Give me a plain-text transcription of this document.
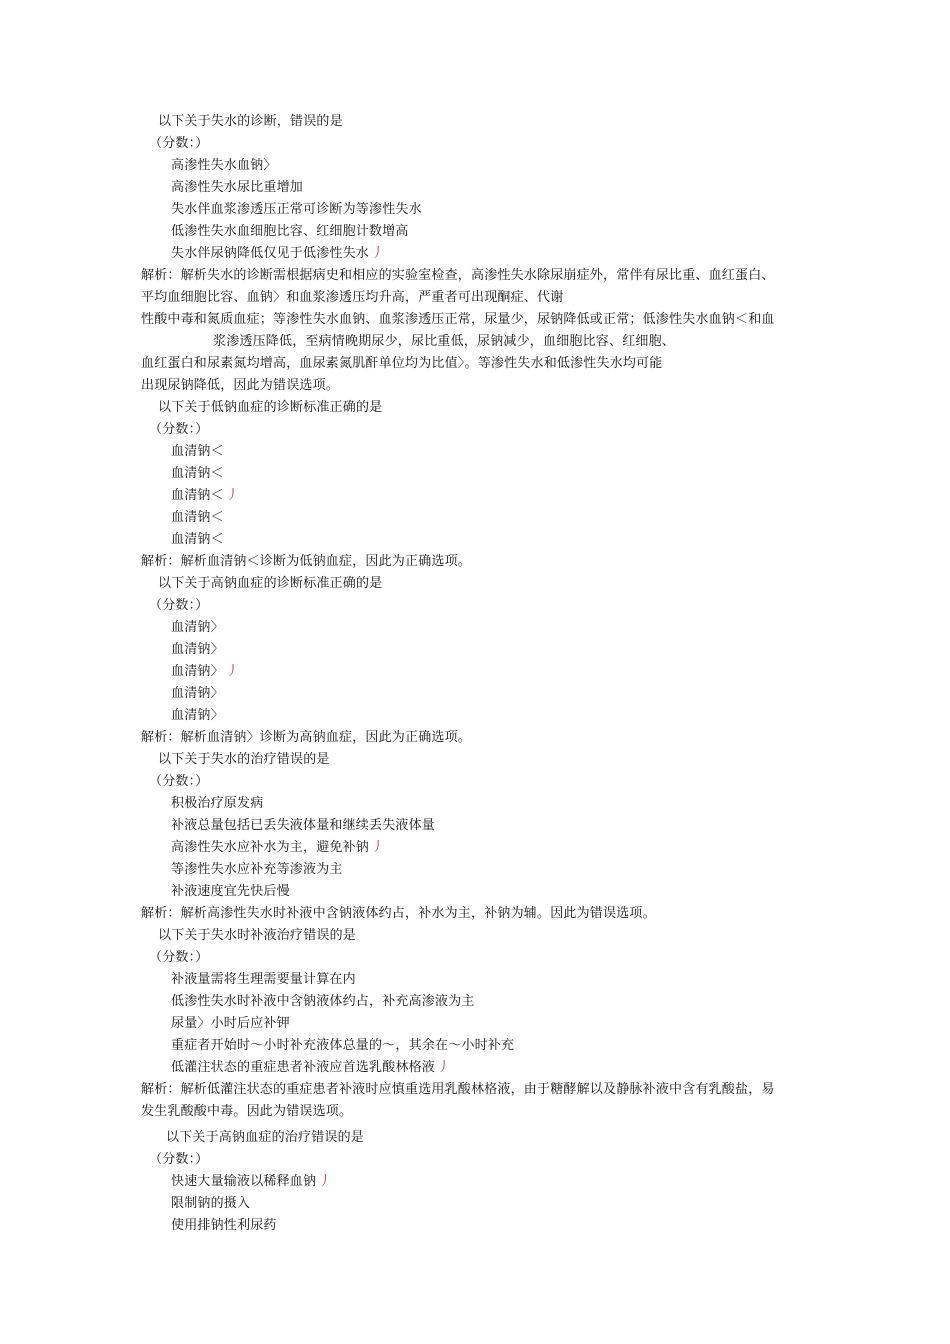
以下关于失水的诊断，错误的是
（分数：）
高渗性失水血钠〉
高渗性失水尿比重增加
失水伴血浆渗透压正常可诊断为等渗性失水
低渗性失水血细胞比容、红细胞计数增高
失水伴尿钠降低仅见于低渗性失水 丿
解析：解析失水的诊断需根据病史和相应的实验室检查，高渗性失水除尿崩症外，常伴有尿比重、血红蛋白、
平均血细胞比容、血钠〉和血浆渗透压均升高，严重者可出现酮症、代谢
性酸中毒和氮质血症；等渗性失水血钠、血浆渗透压正常，尿量少，尿钠降低或正常；低渗性失水血钠＜和血
浆渗透压降低，至病情晚期尿少，尿比重低，尿钠减少，血细胞比容、红细胞、
血红蛋白和尿素氮均增高，血尿素氮肌酐单位均为比值〉。等渗性失水和低渗性失水均可能
出现尿钠降低，因此为错误选项。
以下关于低钠血症的诊断标准正确的是
（分数：）
血清钠＜
血清钠＜
血清钠＜ 丿
血清钠＜
血清钠＜
解析：解析血清钠＜诊断为低钠血症，因此为正确选项。
以下关于高钠血症的诊断标准正确的是
（分数：）
血清钠〉
血清钠〉
血清钠〉 丿
血清钠〉
血清钠〉
解析：解析血清钠〉诊断为高钠血症，因此为正确选项。
以下关于失水的治疗错误的是
（分数：）
积极治疗原发病
补液总量包括已丢失液体量和继续丢失液体量
高渗性失水应补水为主，避免补钠 丿
等渗性失水应补充等渗液为主
补液速度宜先快后慢
解析：解析高渗性失水时补液中含钠液体约占，补水为主，补钠为辅。因此为错误选项。
以下关于失水时补液治疗错误的是
（分数：）
补液量需将生理需要量计算在内
低渗性失水时补液中含钠液体约占，补充高渗液为主
尿量〉小时后应补钾
重症者开始时〜小时补充液体总量的〜，其余在〜小时补充
低灌注状态的重症患者补液应首选乳酸林格液 丿
解析：解析低灌注状态的重症患者补液时应慎重选用乳酸林格液，由于糖酵解以及静脉补液中含有乳酸盐，易
发生乳酸酸中毒。因此为错误选项。
以下关于高钠血症的治疗错误的是
（分数：）
快速大量输液以稀释血钠 丿
限制钠的摄入
使用排钠性利尿药
